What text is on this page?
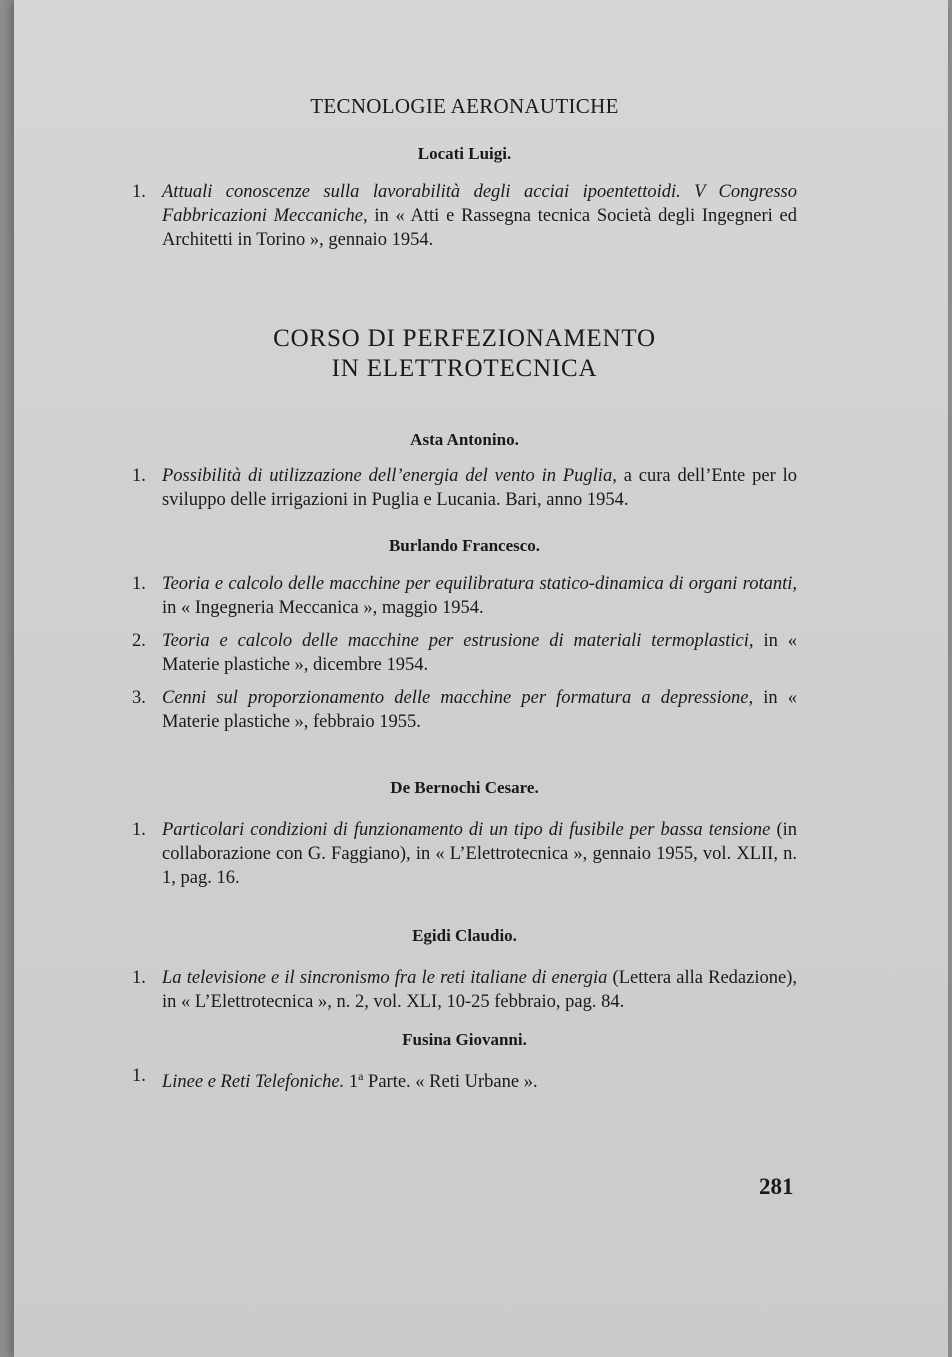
TECNOLOGIE AERONAUTICHE

Locati Luigi.

1. Attuali conoscenze sulla lavorabilità degli acciai ipoentettoidi. V Congresso Fabbricazioni Meccaniche, in « Atti e Rassegna tecnica Società degli Ingegneri ed Architetti in Torino », gennaio 1954.

CORSO DI PERFEZIONAMENTO

IN ELETTROTECNICA

Asta Antonino.

1. Possibilità di utilizzazione dell’energia del vento in Puglia, a cura dell’Ente per lo sviluppo delle irrigazioni in Puglia e Lucania. Bari, anno 1954.

Burlando Francesco.

1. Teoria e calcolo delle macchine per equilibratura statico-dinamica di organi rotanti, in « Ingegneria Meccanica », maggio 1954.
2. Teoria e calcolo delle macchine per estrusione di materiali termoplastici, in « Materie plastiche », dicembre 1954.
3. Cenni sul proporzionamento delle macchine per formatura a depressione, in « Materie plastiche », febbraio 1955.

De Bernochi Cesare.

1. Particolari condizioni di funzionamento di un tipo di fusibile per bassa tensione (in collaborazione con G. Faggiano), in « L’Elettrotecnica », gennaio 1955, vol. XLII, n. 1, pag. 16.

Egidi Claudio.

1. La televisione e il sincronismo fra le reti italiane di energia (Lettera alla Redazione), in « L’Elettrotecnica », n. 2, vol. XLI, 10-25 febbraio, pag. 84.

Fusina Giovanni.

1. Linee e Reti Telefoniche. 1$^a$ Parte. « Reti Urbane ».
281
